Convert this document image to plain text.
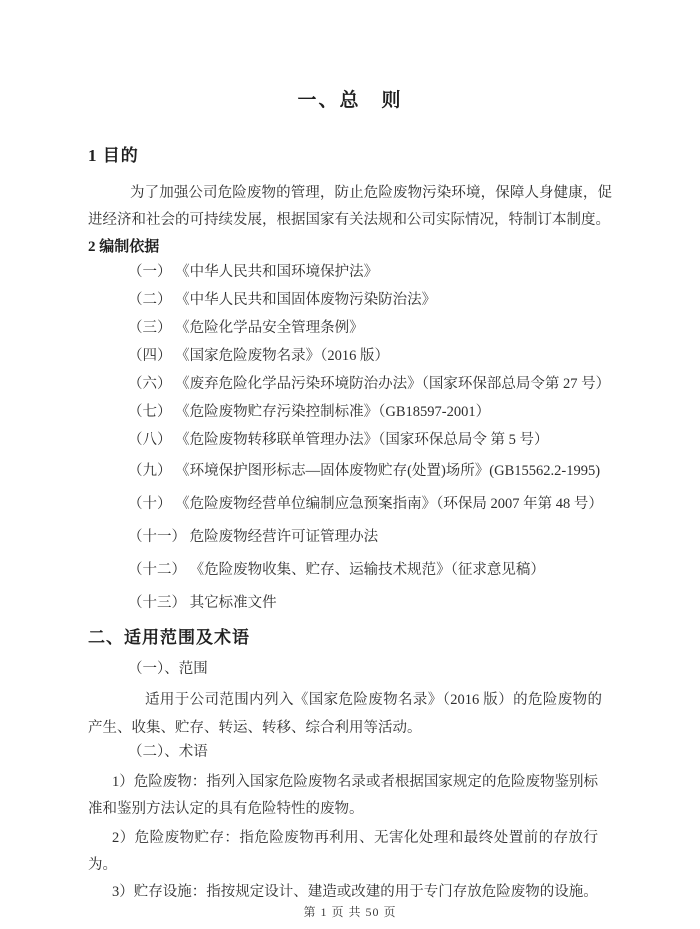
一、总　则
1 目的

为了加强公司危险废物的管理，防止危险废物污染环境，保障人身健康，促进经济和社会的可持续发展，根据国家有关法规和公司实际情况，特制订本制度。

2 编制依据
（一） 《中华人民共和国环境保护法》
（二） 《中华人民共和国固体废物污染防治法》
（三） 《危险化学品安全管理条例》
（四） 《国家危险废物名录》（2016 版）
（六） 《废弃危险化学品污染环境防治办法》（国家环保部总局令第 27 号）
（七） 《危险废物贮存污染控制标准》（GB18597-2001）
（八） 《危险废物转移联单管理办法》（国家环保总局令 第 5 号）
（九） 《环境保护图形标志—固体废物贮存(处置)场所》(GB15562.2-1995)
（十） 《危险废物经营单位编制应急预案指南》（环保局 2007 年第 48 号）
（十一） 危险废物经营许可证管理办法
（十二） 《危险废物收集、贮存、运输技术规范》（征求意见稿）
（十三） 其它标准文件
二、适用范围及术语
（一）、范围

适用于公司范围内列入《国家危险废物名录》（2016 版）的危险废物的产生、收集、贮存、转运、转移、综合利用等活动。

（二）、术语

1）危险废物：指列入国家危险废物名录或者根据国家规定的危险废物鉴别标准和鉴别方法认定的具有危险特性的废物。

2）危险废物贮存：指危险废物再利用、无害化处理和最终处置前的存放行为。

3）贮存设施：指按规定设计、建造或改建的用于专门存放危险废物的设施。

第 1 页 共 50 页
